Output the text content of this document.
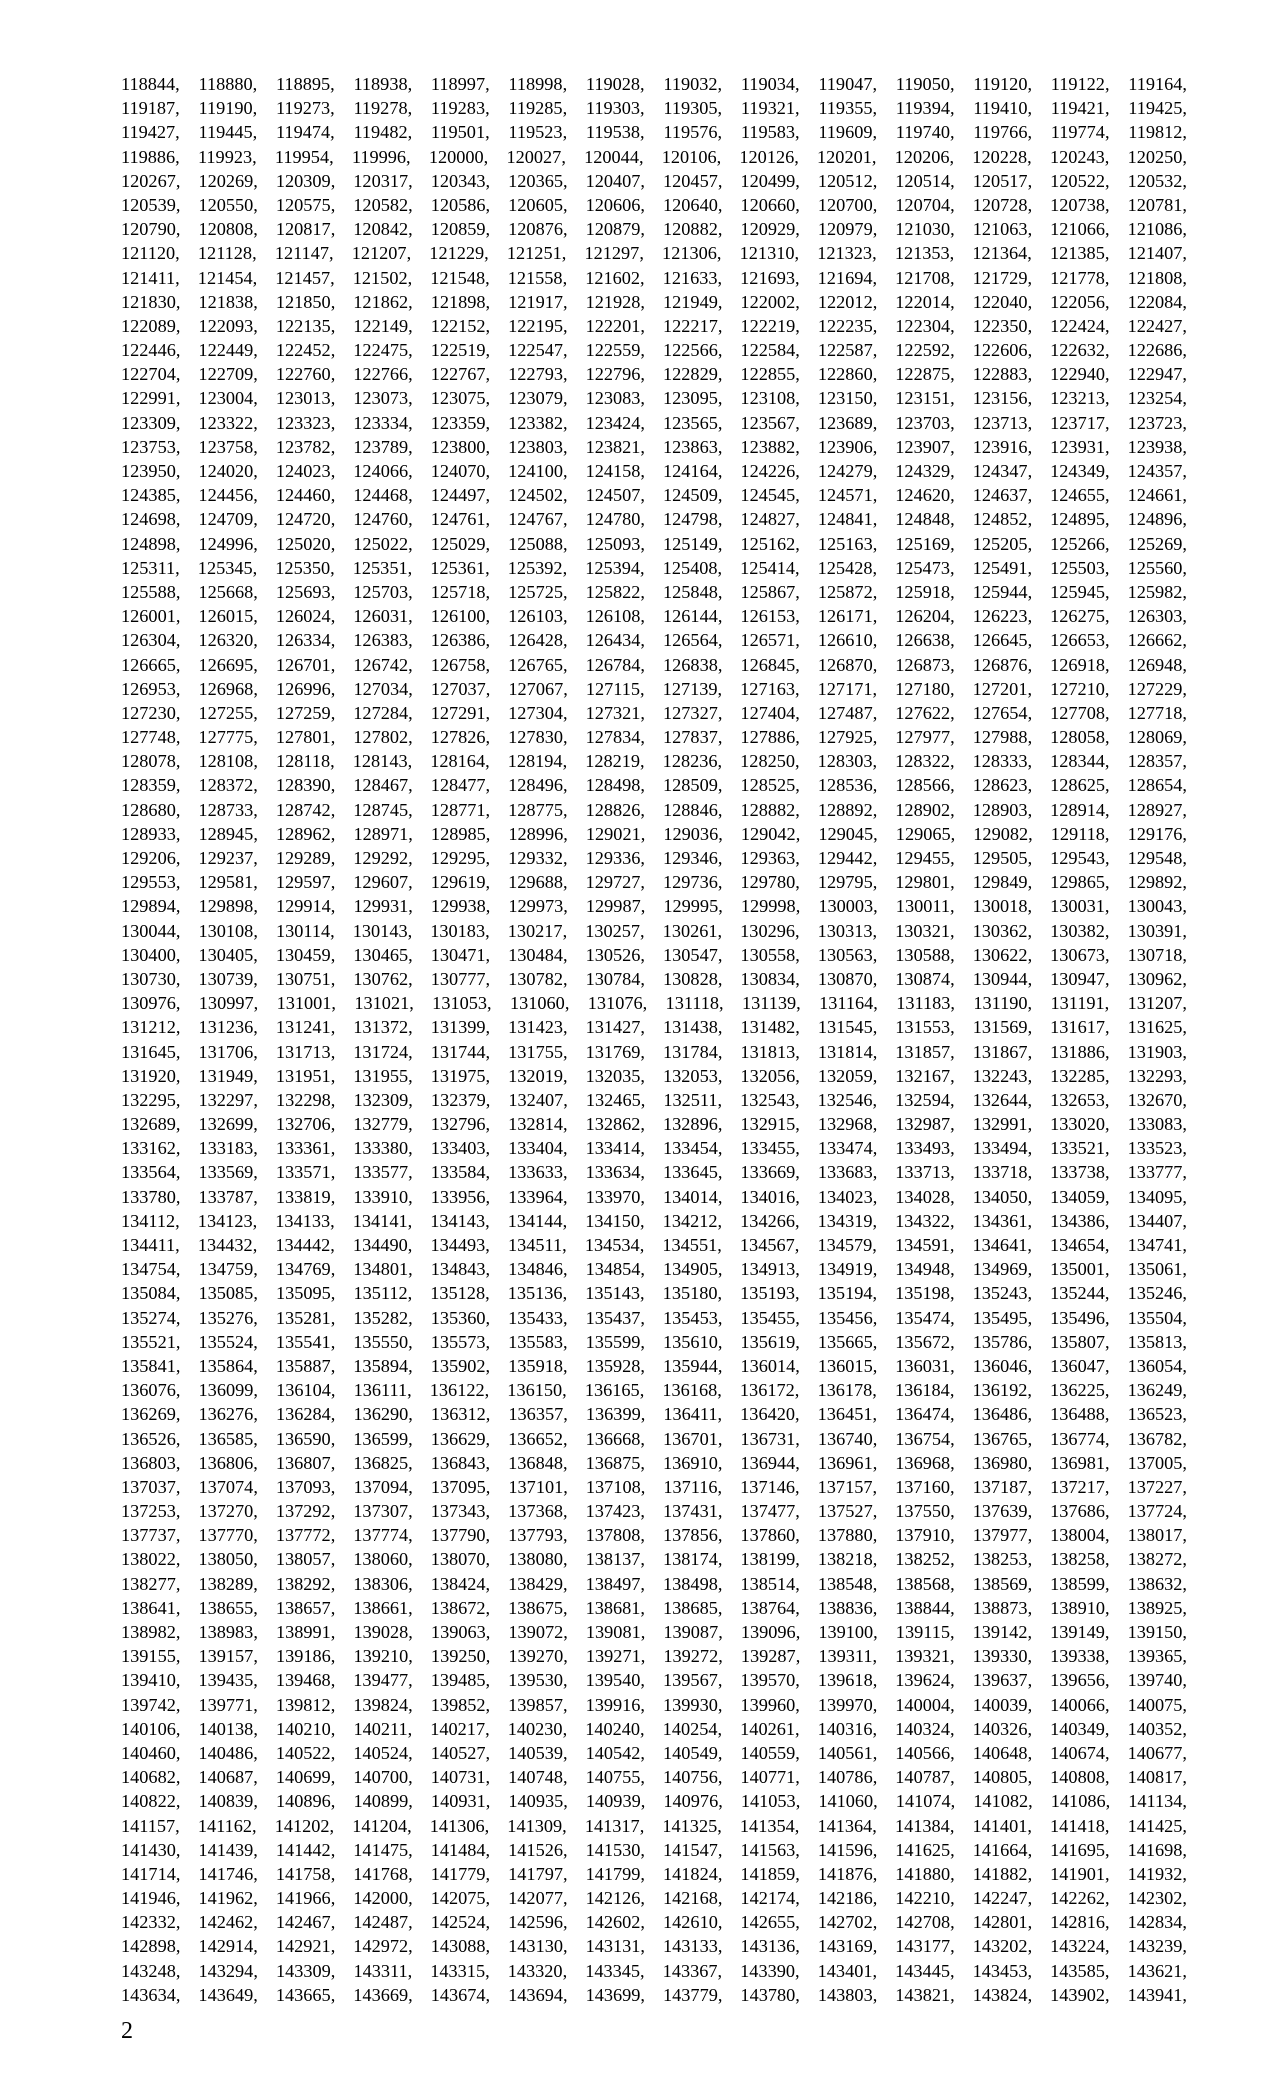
118844, 118880, 118895, 118938, 118997, 118998, 119028, 119032, 119034, 119047, 119050, 119120, 119122, 119164,
119187, 119190, 119273, 119278, 119283, 119285, 119303, 119305, 119321, 119355, 119394, 119410, 119421, 119425,
119427, 119445, 119474, 119482, 119501, 119523, 119538, 119576, 119583, 119609, 119740, 119766, 119774, 119812,
119886, 119923, 119954, 119996, 120000, 120027, 120044, 120106, 120126, 120201, 120206, 120228, 120243, 120250,
120267, 120269, 120309, 120317, 120343, 120365, 120407, 120457, 120499, 120512, 120514, 120517, 120522, 120532,
120539, 120550, 120575, 120582, 120586, 120605, 120606, 120640, 120660, 120700, 120704, 120728, 120738, 120781,
120790, 120808, 120817, 120842, 120859, 120876, 120879, 120882, 120929, 120979, 121030, 121063, 121066, 121086,
121120, 121128, 121147, 121207, 121229, 121251, 121297, 121306, 121310, 121323, 121353, 121364, 121385, 121407,
121411, 121454, 121457, 121502, 121548, 121558, 121602, 121633, 121693, 121694, 121708, 121729, 121778, 121808,
121830, 121838, 121850, 121862, 121898, 121917, 121928, 121949, 122002, 122012, 122014, 122040, 122056, 122084,
122089, 122093, 122135, 122149, 122152, 122195, 122201, 122217, 122219, 122235, 122304, 122350, 122424, 122427,
122446, 122449, 122452, 122475, 122519, 122547, 122559, 122566, 122584, 122587, 122592, 122606, 122632, 122686,
122704, 122709, 122760, 122766, 122767, 122793, 122796, 122829, 122855, 122860, 122875, 122883, 122940, 122947,
122991, 123004, 123013, 123073, 123075, 123079, 123083, 123095, 123108, 123150, 123151, 123156, 123213, 123254,
123309, 123322, 123323, 123334, 123359, 123382, 123424, 123565, 123567, 123689, 123703, 123713, 123717, 123723,
123753, 123758, 123782, 123789, 123800, 123803, 123821, 123863, 123882, 123906, 123907, 123916, 123931, 123938,
123950, 124020, 124023, 124066, 124070, 124100, 124158, 124164, 124226, 124279, 124329, 124347, 124349, 124357,
124385, 124456, 124460, 124468, 124497, 124502, 124507, 124509, 124545, 124571, 124620, 124637, 124655, 124661,
124698, 124709, 124720, 124760, 124761, 124767, 124780, 124798, 124827, 124841, 124848, 124852, 124895, 124896,
124898, 124996, 125020, 125022, 125029, 125088, 125093, 125149, 125162, 125163, 125169, 125205, 125266, 125269,
125311, 125345, 125350, 125351, 125361, 125392, 125394, 125408, 125414, 125428, 125473, 125491, 125503, 125560,
125588, 125668, 125693, 125703, 125718, 125725, 125822, 125848, 125867, 125872, 125918, 125944, 125945, 125982,
126001, 126015, 126024, 126031, 126100, 126103, 126108, 126144, 126153, 126171, 126204, 126223, 126275, 126303,
126304, 126320, 126334, 126383, 126386, 126428, 126434, 126564, 126571, 126610, 126638, 126645, 126653, 126662,
126665, 126695, 126701, 126742, 126758, 126765, 126784, 126838, 126845, 126870, 126873, 126876, 126918, 126948,
126953, 126968, 126996, 127034, 127037, 127067, 127115, 127139, 127163, 127171, 127180, 127201, 127210, 127229,
127230, 127255, 127259, 127284, 127291, 127304, 127321, 127327, 127404, 127487, 127622, 127654, 127708, 127718,
127748, 127775, 127801, 127802, 127826, 127830, 127834, 127837, 127886, 127925, 127977, 127988, 128058, 128069,
128078, 128108, 128118, 128143, 128164, 128194, 128219, 128236, 128250, 128303, 128322, 128333, 128344, 128357,
128359, 128372, 128390, 128467, 128477, 128496, 128498, 128509, 128525, 128536, 128566, 128623, 128625, 128654,
128680, 128733, 128742, 128745, 128771, 128775, 128826, 128846, 128882, 128892, 128902, 128903, 128914, 128927,
128933, 128945, 128962, 128971, 128985, 128996, 129021, 129036, 129042, 129045, 129065, 129082, 129118, 129176,
129206, 129237, 129289, 129292, 129295, 129332, 129336, 129346, 129363, 129442, 129455, 129505, 129543, 129548,
129553, 129581, 129597, 129607, 129619, 129688, 129727, 129736, 129780, 129795, 129801, 129849, 129865, 129892,
129894, 129898, 129914, 129931, 129938, 129973, 129987, 129995, 129998, 130003, 130011, 130018, 130031, 130043,
130044, 130108, 130114, 130143, 130183, 130217, 130257, 130261, 130296, 130313, 130321, 130362, 130382, 130391,
130400, 130405, 130459, 130465, 130471, 130484, 130526, 130547, 130558, 130563, 130588, 130622, 130673, 130718,
130730, 130739, 130751, 130762, 130777, 130782, 130784, 130828, 130834, 130870, 130874, 130944, 130947, 130962,
130976, 130997, 131001, 131021, 131053, 131060, 131076, 131118, 131139, 131164, 131183, 131190, 131191, 131207,
131212, 131236, 131241, 131372, 131399, 131423, 131427, 131438, 131482, 131545, 131553, 131569, 131617, 131625,
131645, 131706, 131713, 131724, 131744, 131755, 131769, 131784, 131813, 131814, 131857, 131867, 131886, 131903,
131920, 131949, 131951, 131955, 131975, 132019, 132035, 132053, 132056, 132059, 132167, 132243, 132285, 132293,
132295, 132297, 132298, 132309, 132379, 132407, 132465, 132511, 132543, 132546, 132594, 132644, 132653, 132670,
132689, 132699, 132706, 132779, 132796, 132814, 132862, 132896, 132915, 132968, 132987, 132991, 133020, 133083,
133162, 133183, 133361, 133380, 133403, 133404, 133414, 133454, 133455, 133474, 133493, 133494, 133521, 133523,
133564, 133569, 133571, 133577, 133584, 133633, 133634, 133645, 133669, 133683, 133713, 133718, 133738, 133777,
133780, 133787, 133819, 133910, 133956, 133964, 133970, 134014, 134016, 134023, 134028, 134050, 134059, 134095,
134112, 134123, 134133, 134141, 134143, 134144, 134150, 134212, 134266, 134319, 134322, 134361, 134386, 134407,
134411, 134432, 134442, 134490, 134493, 134511, 134534, 134551, 134567, 134579, 134591, 134641, 134654, 134741,
134754, 134759, 134769, 134801, 134843, 134846, 134854, 134905, 134913, 134919, 134948, 134969, 135001, 135061,
135084, 135085, 135095, 135112, 135128, 135136, 135143, 135180, 135193, 135194, 135198, 135243, 135244, 135246,
135274, 135276, 135281, 135282, 135360, 135433, 135437, 135453, 135455, 135456, 135474, 135495, 135496, 135504,
135521, 135524, 135541, 135550, 135573, 135583, 135599, 135610, 135619, 135665, 135672, 135786, 135807, 135813,
135841, 135864, 135887, 135894, 135902, 135918, 135928, 135944, 136014, 136015, 136031, 136046, 136047, 136054,
136076, 136099, 136104, 136111, 136122, 136150, 136165, 136168, 136172, 136178, 136184, 136192, 136225, 136249,
136269, 136276, 136284, 136290, 136312, 136357, 136399, 136411, 136420, 136451, 136474, 136486, 136488, 136523,
136526, 136585, 136590, 136599, 136629, 136652, 136668, 136701, 136731, 136740, 136754, 136765, 136774, 136782,
136803, 136806, 136807, 136825, 136843, 136848, 136875, 136910, 136944, 136961, 136968, 136980, 136981, 137005,
137037, 137074, 137093, 137094, 137095, 137101, 137108, 137116, 137146, 137157, 137160, 137187, 137217, 137227,
137253, 137270, 137292, 137307, 137343, 137368, 137423, 137431, 137477, 137527, 137550, 137639, 137686, 137724,
137737, 137770, 137772, 137774, 137790, 137793, 137808, 137856, 137860, 137880, 137910, 137977, 138004, 138017,
138022, 138050, 138057, 138060, 138070, 138080, 138137, 138174, 138199, 138218, 138252, 138253, 138258, 138272,
138277, 138289, 138292, 138306, 138424, 138429, 138497, 138498, 138514, 138548, 138568, 138569, 138599, 138632,
138641, 138655, 138657, 138661, 138672, 138675, 138681, 138685, 138764, 138836, 138844, 138873, 138910, 138925,
138982, 138983, 138991, 139028, 139063, 139072, 139081, 139087, 139096, 139100, 139115, 139142, 139149, 139150,
139155, 139157, 139186, 139210, 139250, 139270, 139271, 139272, 139287, 139311, 139321, 139330, 139338, 139365,
139410, 139435, 139468, 139477, 139485, 139530, 139540, 139567, 139570, 139618, 139624, 139637, 139656, 139740,
139742, 139771, 139812, 139824, 139852, 139857, 139916, 139930, 139960, 139970, 140004, 140039, 140066, 140075,
140106, 140138, 140210, 140211, 140217, 140230, 140240, 140254, 140261, 140316, 140324, 140326, 140349, 140352,
140460, 140486, 140522, 140524, 140527, 140539, 140542, 140549, 140559, 140561, 140566, 140648, 140674, 140677,
140682, 140687, 140699, 140700, 140731, 140748, 140755, 140756, 140771, 140786, 140787, 140805, 140808, 140817,
140822, 140839, 140896, 140899, 140931, 140935, 140939, 140976, 141053, 141060, 141074, 141082, 141086, 141134,
141157, 141162, 141202, 141204, 141306, 141309, 141317, 141325, 141354, 141364, 141384, 141401, 141418, 141425,
141430, 141439, 141442, 141475, 141484, 141526, 141530, 141547, 141563, 141596, 141625, 141664, 141695, 141698,
141714, 141746, 141758, 141768, 141779, 141797, 141799, 141824, 141859, 141876, 141880, 141882, 141901, 141932,
141946, 141962, 141966, 142000, 142075, 142077, 142126, 142168, 142174, 142186, 142210, 142247, 142262, 142302,
142332, 142462, 142467, 142487, 142524, 142596, 142602, 142610, 142655, 142702, 142708, 142801, 142816, 142834,
142898, 142914, 142921, 142972, 143088, 143130, 143131, 143133, 143136, 143169, 143177, 143202, 143224, 143239,
143248, 143294, 143309, 143311, 143315, 143320, 143345, 143367, 143390, 143401, 143445, 143453, 143585, 143621,
143634, 143649, 143665, 143669, 143674, 143694, 143699, 143779, 143780, 143803, 143821, 143824, 143902, 143941,
2
